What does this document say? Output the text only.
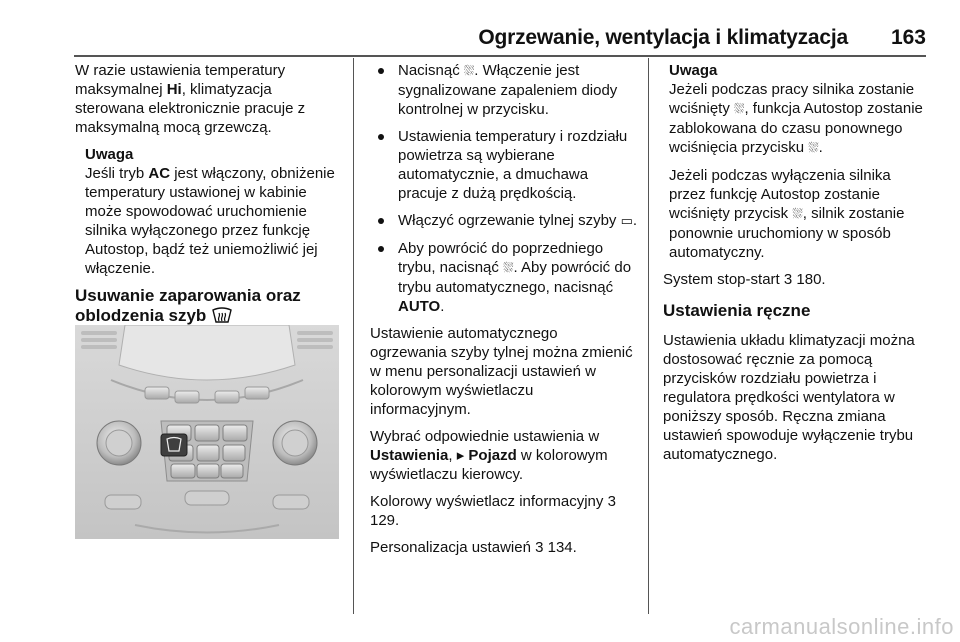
Ogrzewanie, wentylacja i klimatyzacja 163

W razie ustawienia temperatury maksymalnej Hi, klimatyzacja sterowana elektronicznie pracuje z maksymalną mocą grzewczą.

Uwaga
Jeśli tryb AC jest włączony, obniżenie temperatury ustawionej w kabinie może spowodować uruchomienie silnika wyłączonego przez funkcję Autostop, bądź też uniemożliwić jej włączenie.
Usuwanie zaparowania oraz oblodzenia szyb
Nacisnąć ⛆. Włączenie jest sygnalizowane zapaleniem diody kontrolnej w przycisku.
Ustawienia temperatury i rozdziału powietrza są wybierane automatycznie, a dmuchawa pracuje z dużą prędkością.
Włączyć ogrzewanie tylnej szyby ▭.
Aby powrócić do poprzedniego trybu, nacisnąć ⛆. Aby powrócić do trybu automatycznego, nacisnąć AUTO.

Ustawienie automatycznego ogrzewania szyby tylnej można zmienić w menu personalizacji ustawień w kolorowym wyświetlaczu informacyjnym.

Wybrać odpowiednie ustawienia w Ustawienia, ▸ Pojazd w kolorowym wyświetlaczu kierowcy.

Kolorowy wyświetlacz informacyjny 3 129.

Personalizacja ustawień 3 134.

Uwaga

Jeżeli podczas pracy silnika zostanie wciśnięty ⛆, funkcja Autostop zostanie zablokowana do czasu ponownego wciśnięcia przycisku ⛆.

Jeżeli podczas wyłączenia silnika przez funkcję Autostop zostanie wciśnięty przycisk ⛆, silnik zostanie ponownie uruchomiony w sposób automatyczny.

System stop-start 3 180.

Ustawienia ręczne

Ustawienia układu klimatyzacji można dostosować ręcznie za pomocą przycisków rozdziału powietrza i regulatora prędkości wentylatora w poniższy sposób. Ręczna zmiana ustawień spowoduje wyłączenie trybu automatycznego.

carmanualsonline.info
